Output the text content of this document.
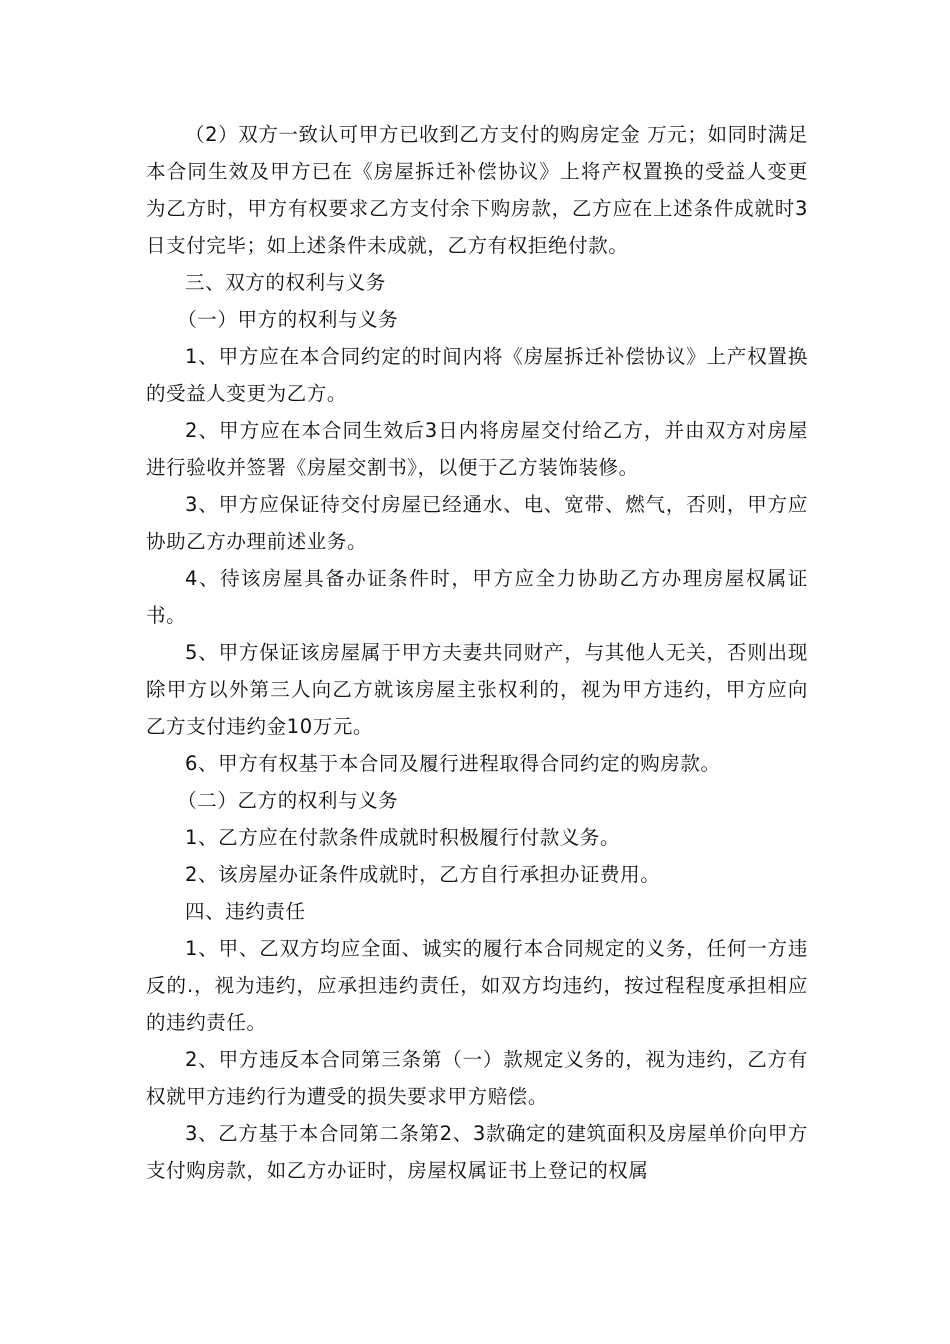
（2）双方一致认可甲方已收到乙方支付的购房定金 万元；如同时满足本合同生效及甲方已在《房屋拆迁补偿协议》上将产权置换的受益人变更为乙方时，甲方有权要求乙方支付余下购房款，乙方应在上述条件成就时3日支付完毕；如上述条件未成就，乙方有权拒绝付款。

三、双方的权利与义务

（一）甲方的权利与义务

1、甲方应在本合同约定的时间内将《房屋拆迁补偿协议》上产权置换的受益人变更为乙方。

2、甲方应在本合同生效后3日内将房屋交付给乙方，并由双方对房屋进行验收并签署《房屋交割书》，以便于乙方装饰装修。

3、甲方应保证待交付房屋已经通水、电、宽带、燃气，否则，甲方应协助乙方办理前述业务。

4、待该房屋具备办证条件时，甲方应全力协助乙方办理房屋权属证书。

5、甲方保证该房屋属于甲方夫妻共同财产，与其他人无关，否则出现除甲方以外第三人向乙方就该房屋主张权利的，视为甲方违约，甲方应向乙方支付违约金10万元。

6、甲方有权基于本合同及履行进程取得合同约定的购房款。

（二）乙方的权利与义务

1、乙方应在付款条件成就时积极履行付款义务。

2、该房屋办证条件成就时，乙方自行承担办证费用。

四、违约责任

1、甲、乙双方均应全面、诚实的履行本合同规定的义务，任何一方违反的.，视为违约，应承担违约责任，如双方均违约，按过程程度承担相应的违约责任。

2、甲方违反本合同第三条第（一）款规定义务的，视为违约，乙方有权就甲方违约行为遭受的损失要求甲方赔偿。

3、乙方基于本合同第二条第2、3款确定的建筑面积及房屋单价向甲方支付购房款，如乙方办证时，房屋权属证书上登记的权属
